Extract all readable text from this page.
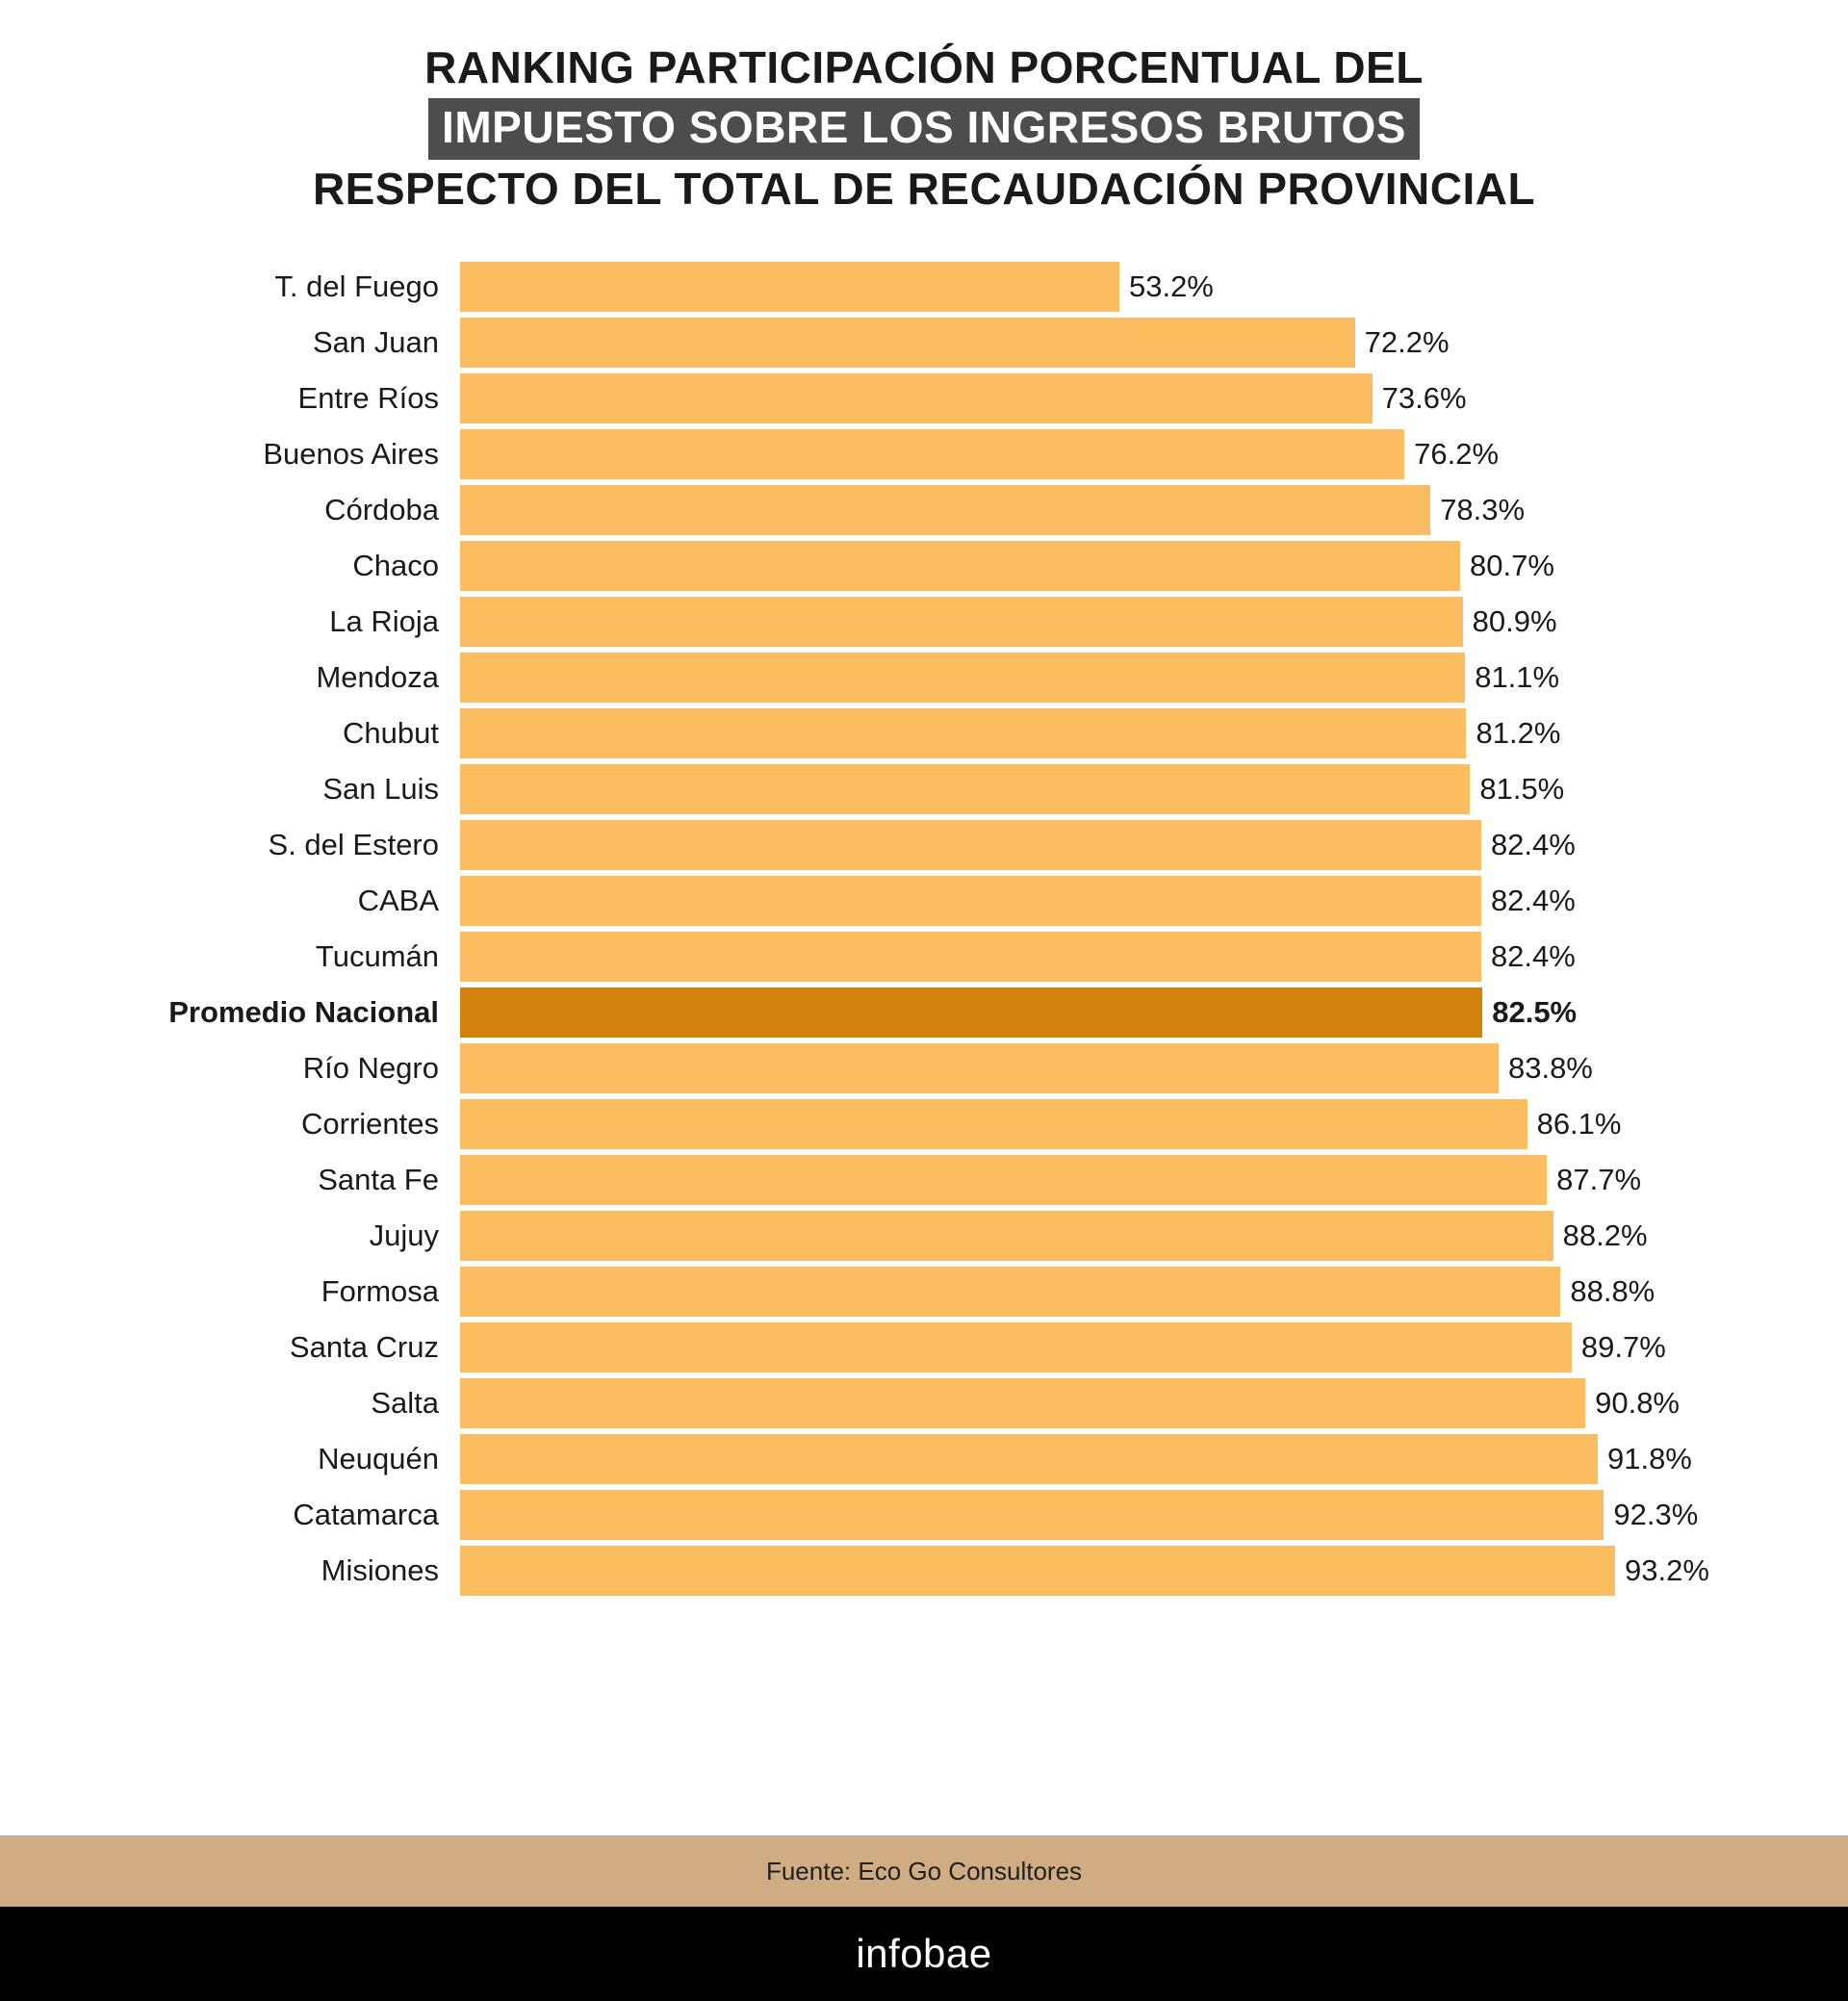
RANKING PARTICIPACIÓN PORCENTUAL DEL
IMPUESTO SOBRE LOS INGRESOS BRUTOS
RESPECTO DEL TOTAL DE RECAUDACIÓN PROVINCIAL
T. del Fuego	53.2%
San Juan	72.2%
Entre Ríos	73.6%
Buenos Aires	76.2%
Córdoba	78.3%
Chaco	80.7%
La Rioja	80.9%
Mendoza	81.1%
Chubut	81.2%
San Luis	81.5%
S. del Estero	82.4%
CABA	82.4%
Tucumán	82.4%
Promedio Nacional	82.5%
Río Negro	83.8%
Corrientes	86.1%
Santa Fe	87.7%
Jujuy	88.2%
Formosa	88.8%
Santa Cruz	89.7%
Salta	90.8%
Neuquén	91.8%
Catamarca	92.3%
Misiones	93.2%
Fuente: Eco Go Consultores
infobae
